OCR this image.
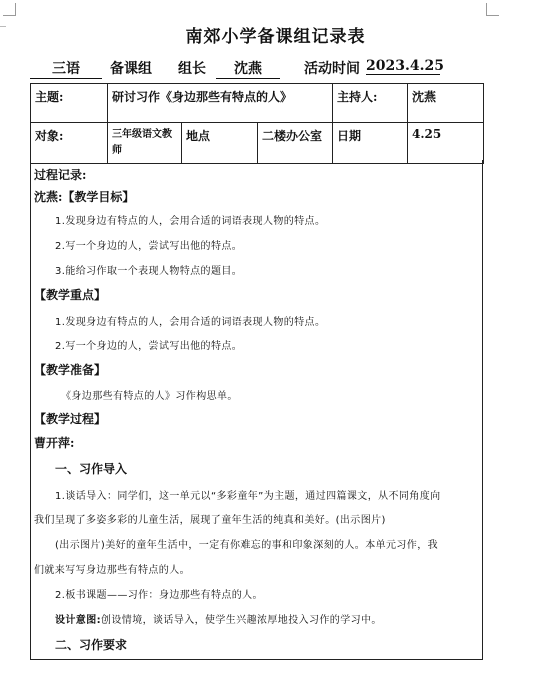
南郊小学备课组记录表
三语	备课组 组长	沈燕	活动时间 2023.4.25
主题:	研讨习作《身边那些有特点的人》			主持人:	沈燕
对象:	三年级语文教师	地点	二楼办公室	日期	4.25
过程记录:
沈燕:【教学目标】
1.发现身边有特点的人，会用合适的词语表现人物的特点。
2.写一个身边的人，尝试写出他的特点。
3.能给习作取一个表现人物特点的题目。
【教学重点】
1.发现身边有特点的人，会用合适的词语表现人物的特点。
2.写一个身边的人，尝试写出他的特点。
【教学准备】
《身边那些有特点的人》习作构思单。
【教学过程】
曹开萍:
一、习作导入
1.谈话导入：同学们，这一单元以“多彩童年”为主题，通过四篇课文，从不同角度向
我们呈现了多姿多彩的儿童生活，展现了童年生活的纯真和美好。(出示图片)
(出示图片)美好的童年生活中，一定有你难忘的事和印象深刻的人。本单元习作，我
们就来写写身边那些有特点的人。
2.板书课题——习作：身边那些有特点的人。
设计意图:创设情境，谈话导入，使学生兴趣浓厚地投入习作的学习中。
二、习作要求
